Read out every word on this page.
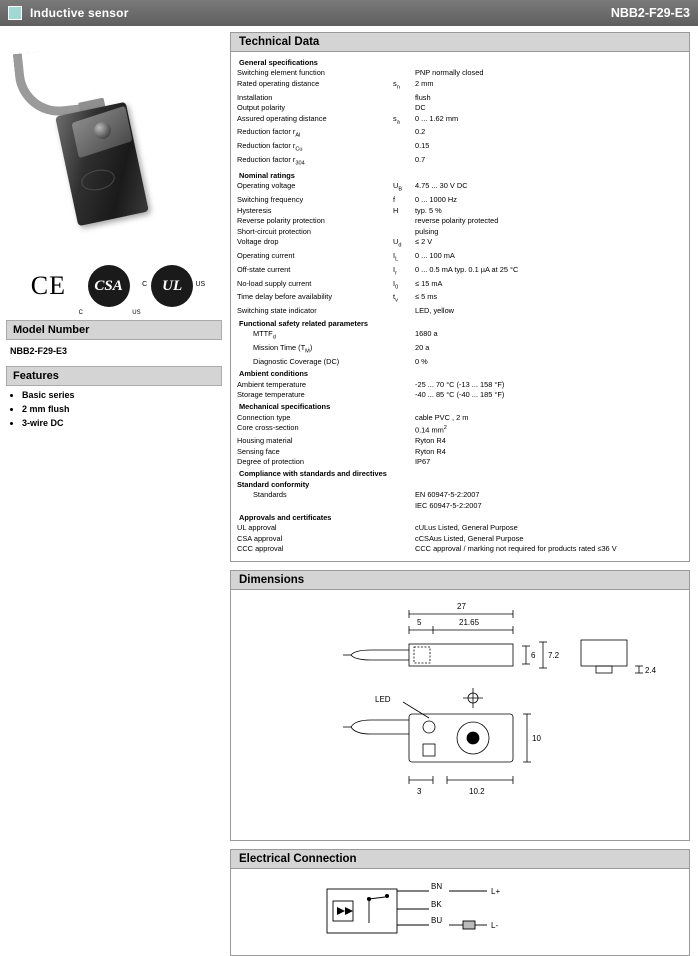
Inductive sensor	NBB2-F29-E3
CE	CSA
C	US
UL
C	US
Model Number
NBB2-F29-E3
Features
• Basic series
• 2 mm flush
• 3-wire DC
Technical Data
General specifications		
Switching element function		PNP normally closed
Rated operating distance	$s_n$	2 mm
Installation		flush
Output polarity		DC
Assured operating distance	$s_a$	0 ... 1.62 mm
Reduction factor $r_{Al}$		0.2
Reduction factor $r_{Cu}$		0.15
Reduction factor $r_{304}$		0.7
Nominal ratings		
Operating voltage	$U_B$	4.75 ... 30 V DC
Switching frequency	f	0 ... 1000 Hz
Hysteresis	H	typ. 5 %
Reverse polarity protection		reverse polarity protected
Short-circuit protection		pulsing
Voltage drop	$U_d$	≤ 2 V
Operating current	$I_L$	0 ... 100 mA
Off-state current	$I_r$	0 ... 0.5 mA typ. 0.1 µA at 25 °C
No-load supply current	$I_0$	≤ 15 mA
Time delay before availability	$t_v$	≤ 5 ms
Switching state indicator		LED, yellow
Functional safety related parameters		
$MTTF_d$		1680 a
Mission Time $(T_M)$		20 a
Diagnostic Coverage (DC)		0 %
Ambient conditions		
Ambient temperature		-25 ... 70 °C (-13 ... 158 °F)
Storage temperature		-40 ... 85 °C (-40 ... 185 °F)
Mechanical specifications		
Connection type		cable PVC , 2 m
Core cross-section		0.14 $mm^2$
Housing material		Ryton R4
Sensing face		Ryton R4
Degree of protection		IP67
Compliance with standards and directives		
Standard conformity		
Standards		EN 60947-5-2:2007
		IEC 60947-5-2:2007
Approvals and certificates		
UL approval		cULus Listed, General Purpose
CSA approval		cCSAus Listed, General Purpose
CCC approval		CCC approval / marking not required for products rated ≤36 V
Dimensions
27
5	21.65
6 7.2
2.4
LED
10
3	10.2
Electrical Connection
BN
BK
BU
L+
L-
